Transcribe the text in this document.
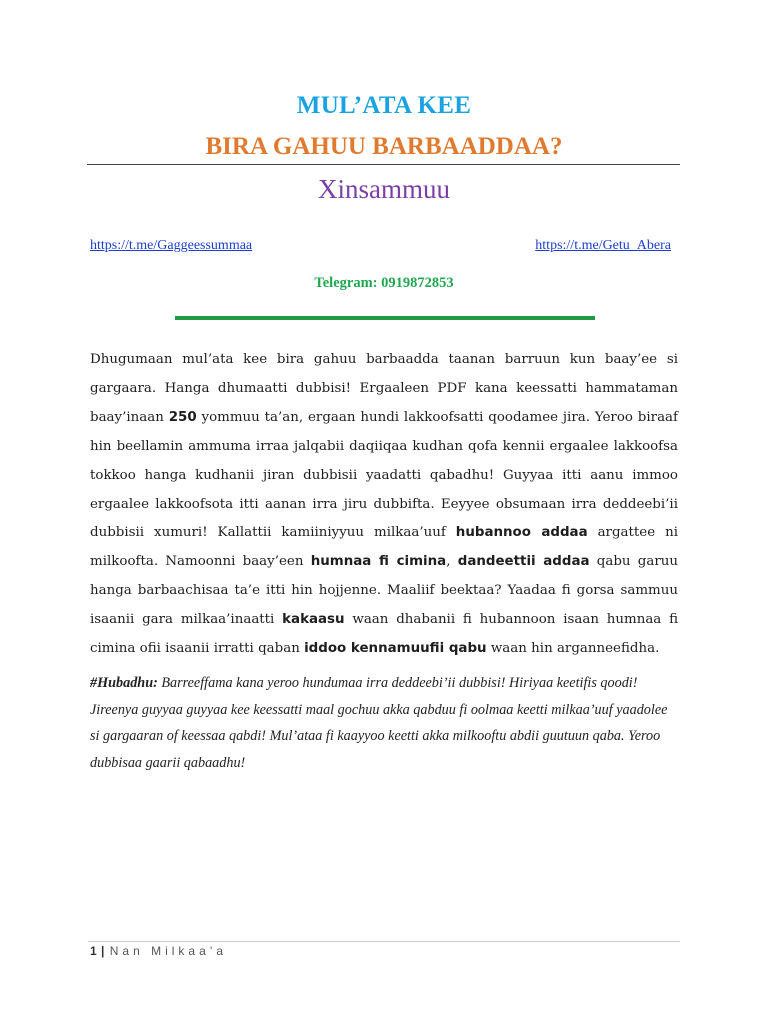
MUL’ATA KEE
BIRA GAHUU BARBAADDAA?
Xinsammuu
https://t.me/Gaggeessummaa	https://t.me/Getu_Abera
Telegram: 0919872853

Dhugumaan mul’ata kee bira gahuu barbaadda taanan barruun kun baay’ee si gargaara. Hanga dhumaatti dubbisi! Ergaaleen PDF kana keessatti hammataman baay’inaan 250 yommuu ta’an, ergaan hundi lakkoofsatti qoodamee jira. Yeroo biraaf hin beellamin ammuma irraa jalqabii daqiiqaa kudhan qofa kennii ergaalee lakkoofsa tokkoo hanga kudhanii jiran dubbisii yaadatti qabadhu! Guyyaa itti aanu immoo ergaalee lakkoofsota itti aanan irra jiru dubbifta. Eeyyee obsumaan irra deddeebi’ii dubbisii xumuri! Kallattii kamiiniyyuu milkaa’uuf hubannoo addaa argattee ni milkoofta. Namoonni baay’een humnaa fi cimina, dandeettii addaa qabu garuu hanga barbaachisaa ta’e itti hin hojjenne. Maaliif beektaa? Yaadaa fi gorsa sammuu isaanii gara milkaa’inaatti kakaasu waan dhabanii fi hubannoon isaan humnaa fi cimina ofii isaanii irratti qaban iddoo kennamuufii qabu waan hin arganneefidha.

#Hubadhu: Barreeffama kana yeroo hundumaa irra deddeebi’ii dubbisi! Hiriyaa keetifis qoodi! Jireenya guyyaa guyyaa kee keessatti maal gochuu akka qabduu fi oolmaa keetti milkaa’uuf yaadolee si gargaaran of keessaa qabdi! Mul’ataa fi kaayyoo keetti akka milkooftu abdii guutuun qaba. Yeroo dubbisaa gaarii qabaadhu!

1 | Nan Milkaa’a
